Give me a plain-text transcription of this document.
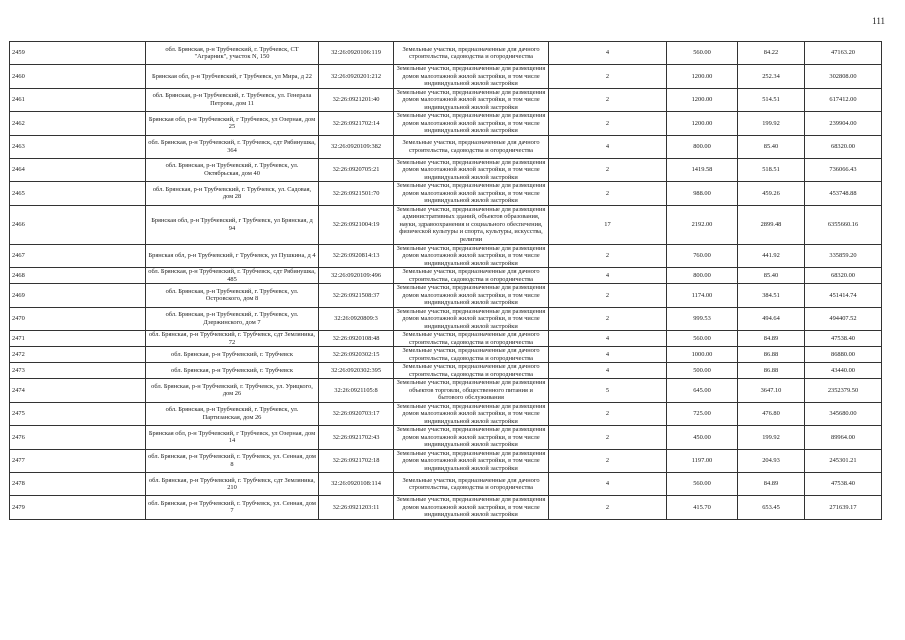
111
2459	обл. Брянская, р-н Трубчевский, г. Трубчевск, СТ "Аграрник", участок N, 150	32:26:0920106:119	Земельные участки, предназначенные для дачного строительства, садоводства и огородничества	4	560.00	84.22	47163.20
2460	Брянская обл, р-н Трубчевский, г Трубчевск, ул Мира, д 22	32:26:0920201:212	Земельные участки, предназначенные для размещения домов малоэтажной жилой застройки, в том числе индивидуальной жилой застройки	2	1200.00	252.34	302808.00
2461	обл. Брянская, р-н Трубчевский, г. Трубчевск, ул. Генерала Петрова, дом 11	32:26:0921201:40	Земельные участки, предназначенные для размещения домов малоэтажной жилой застройки, в том числе индивидуальной жилой застройки	2	1200.00	514.51	617412.00
2462	Брянская обл, р-н Трубчевский, г Трубчевск, ул Озерная, дом 25	32:26:0921702:14	Земельные участки, предназначенные для размещения домов малоэтажной жилой застройки, в том числе индивидуальной жилой застройки	2	1200.00	199.92	239904.00
2463	обл. Брянская, р-н Трубчевский, г. Трубчевск, сдт Рябинушка, 364	32:26:0920109:382	Земельные участки, предназначенные для дачного строительства, садоводства и огородничества	4	800.00	85.40	68320.00
2464	обл. Брянская, р-н Трубчевский, г. Трубчевск, ул. Октябрьская, дом 40	32:26:0920705:21	Земельные участки, предназначенные для размещения домов малоэтажной жилой застройки, в том числе индивидуальной жилой застройки	2	1419.58	518.51	736066.43
2465	обл. Брянская, р-н Трубчевский, г. Трубчевск, ул. Садовая, дом 28	32:26:0921501:70	Земельные участки, предназначенные для размещения домов малоэтажной жилой застройки, в том числе индивидуальной жилой застройки	2	988.00	459.26	453748.88
2466	Брянская обл, р-н Трубчевский, г Трубчевск, ул Брянская, д 94	32:26:0921004:19	Земельные участки, предназначенные для размещения административных зданий, объектов образования, науки, здравоохранения и социального обеспечения, физической культуры и спорта, культуры, искусства, религии	17	2192.00	2899.48	6355660.16
2467	Брянская обл, р-н Трубчевский, г Трубчевск, ул Пушкина, д 4	32:26:0920814:13	Земельные участки, предназначенные для размещения домов малоэтажной жилой застройки, в том числе индивидуальной жилой застройки	2	760.00	441.92	335859.20
2468	обл. Брянская, р-н Трубчевский, г. Трубчевск, сдт Рябинушка, 485	32:26:0920109:496	Земельные участки, предназначенные для дачного строительства, садоводства и огородничества	4	800.00	85.40	68320.00
2469	обл. Брянская, р-н Трубчевский, г. Трубчевск, ул. Островского, дом 8	32:26:0921508:37	Земельные участки, предназначенные для размещения домов малоэтажной жилой застройки, в том числе индивидуальной жилой застройки	2	1174.00	384.51	451414.74
2470	обл. Брянская, р-н Трубчевский, г. Трубчевск, ул. Дзержинского, дом 7	32:26:0920809:3	Земельные участки, предназначенные для размещения домов малоэтажной жилой застройки, в том числе индивидуальной жилой застройки	2	999.53	494.64	494407.52
2471	обл. Брянская, р-н Трубчевский, г. Трубчевск, сдт Земляника, 72	32:26:0920108:48	Земельные участки, предназначенные для дачного строительства, садоводства и огородничества	4	560.00	84.89	47538.40
2472	обл. Брянская, р-н Трубчевский, г. Трубчевск	32:26:0920302:15	Земельные участки, предназначенные для дачного строительства, садоводства и огородничества	4	1000.00	86.88	86880.00
2473	обл. Брянская, р-н Трубчевский, г. Трубчевск	32:26:0920302:395	Земельные участки, предназначенные для дачного строительства, садоводства и огородничества	4	500.00	86.88	43440.00
2474	обл. Брянская, р-н Трубчевский, г. Трубчевск, ул. Урицкого, дом 26	32:26:0921105:8	Земельные участки, предназначенные для размещения объектов торговли, общественного питания и бытового обслуживания	5	645.00	3647.10	2352379.50
2475	обл. Брянская, р-н Трубчевский, г. Трубчевск, ул. Партизанская, дом 26	32:26:0920703:17	Земельные участки, предназначенные для размещения домов малоэтажной жилой застройки, в том числе индивидуальной жилой застройки	2	725.00	476.80	345680.00
2476	Брянская обл, р-н Трубчевский, г Трубчевск, ул Озерная, дом 14	32:26:0921702:43	Земельные участки, предназначенные для размещения домов малоэтажной жилой застройки, в том числе индивидуальной жилой застройки	2	450.00	199.92	89964.00
2477	обл. Брянская, р-н Трубчевский, г. Трубчевск, ул. Сенная, дом 8	32:26:0921702:18	Земельные участки, предназначенные для размещения домов малоэтажной жилой застройки, в том числе индивидуальной жилой застройки	2	1197.00	204.93	245301.21
2478	обл. Брянская, р-н Трубчевский, г. Трубчевск, сдт Земляника, 210	32:26:0920108:114	Земельные участки, предназначенные для дачного строительства, садоводства и огородничества	4	560.00	84.89	47538.40
2479	обл. Брянская, р-н Трубчевский, г. Трубчевск, ул. Сенная, дом 7	32:26:0921203:11	Земельные участки, предназначенные для размещения домов малоэтажной жилой застройки, в том числе индивидуальной жилой застройки	2	415.70	653.45	271639.17
